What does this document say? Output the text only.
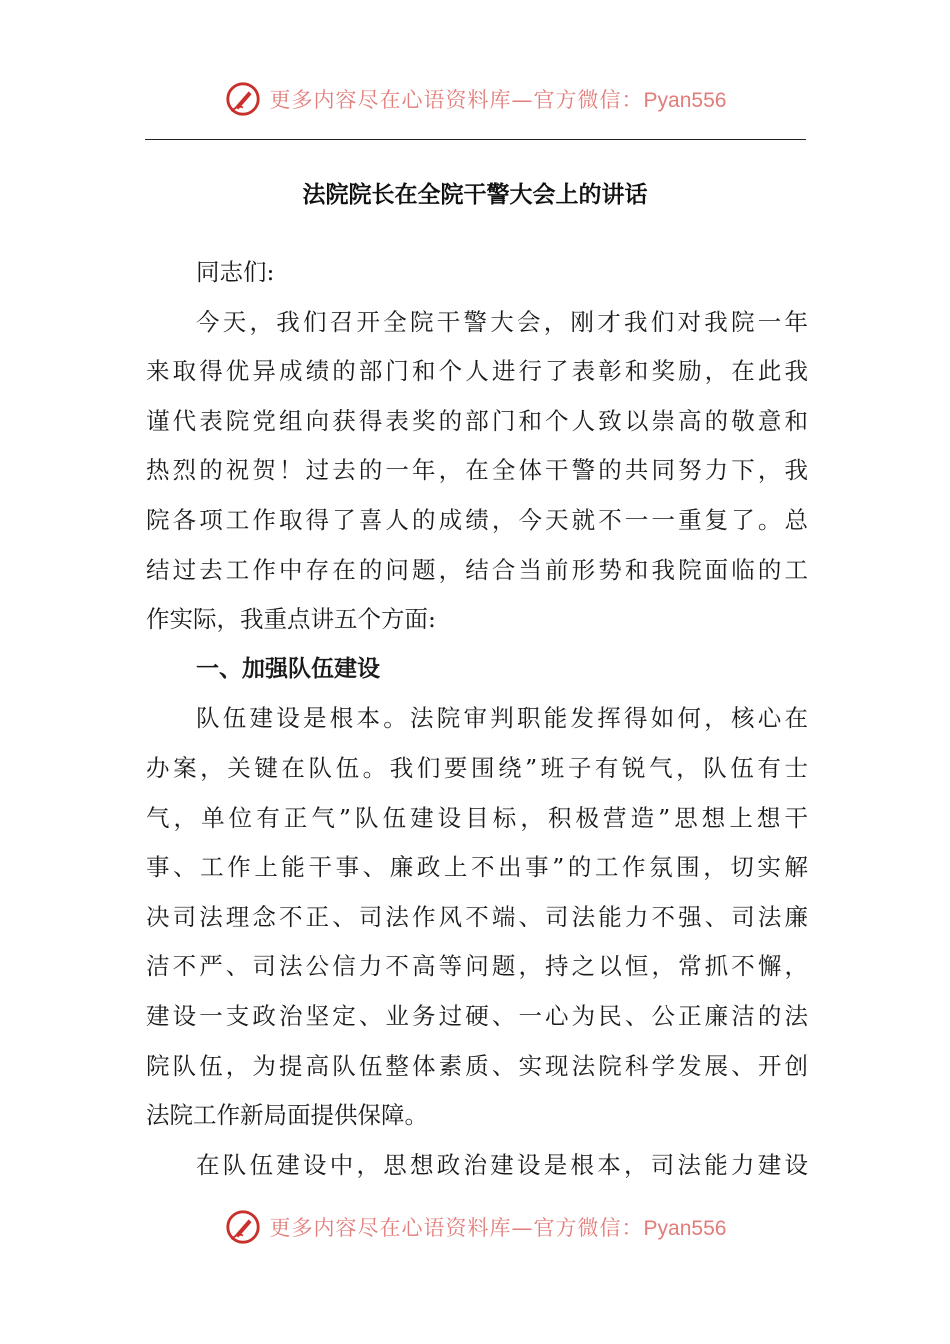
更多内容尽在心语资料库—官方微信：Pyan556
法院院长在全院干警大会上的讲话
同志们:
今天，我们召开全院干警大会，刚才我们对我院一年
来取得优异成绩的部门和个人进行了表彰和奖励，在此我
谨代表院党组向获得表奖的部门和个人致以崇高的敬意和
热烈的祝贺！过去的一年，在全体干警的共同努力下，我
院各项工作取得了喜人的成绩，今天就不一一重复了。总
结过去工作中存在的问题，结合当前形势和我院面临的工
作实际，我重点讲五个方面:
一、加强队伍建设
队伍建设是根本。法院审判职能发挥得如何，核心在
办案，关键在队伍。我们要围绕”班子有锐气，队伍有士
气，单位有正气”队伍建设目标，积极营造”思想上想干
事、工作上能干事、廉政上不出事”的工作氛围，切实解
决司法理念不正、司法作风不端、司法能力不强、司法廉
洁不严、司法公信力不高等问题，持之以恒，常抓不懈，
建设一支政治坚定、业务过硬、一心为民、公正廉洁的法
院队伍，为提高队伍整体素质、实现法院科学发展、开创
法院工作新局面提供保障。
在队伍建设中，思想政治建设是根本，司法能力建设
更多内容尽在心语资料库—官方微信：Pyan556
